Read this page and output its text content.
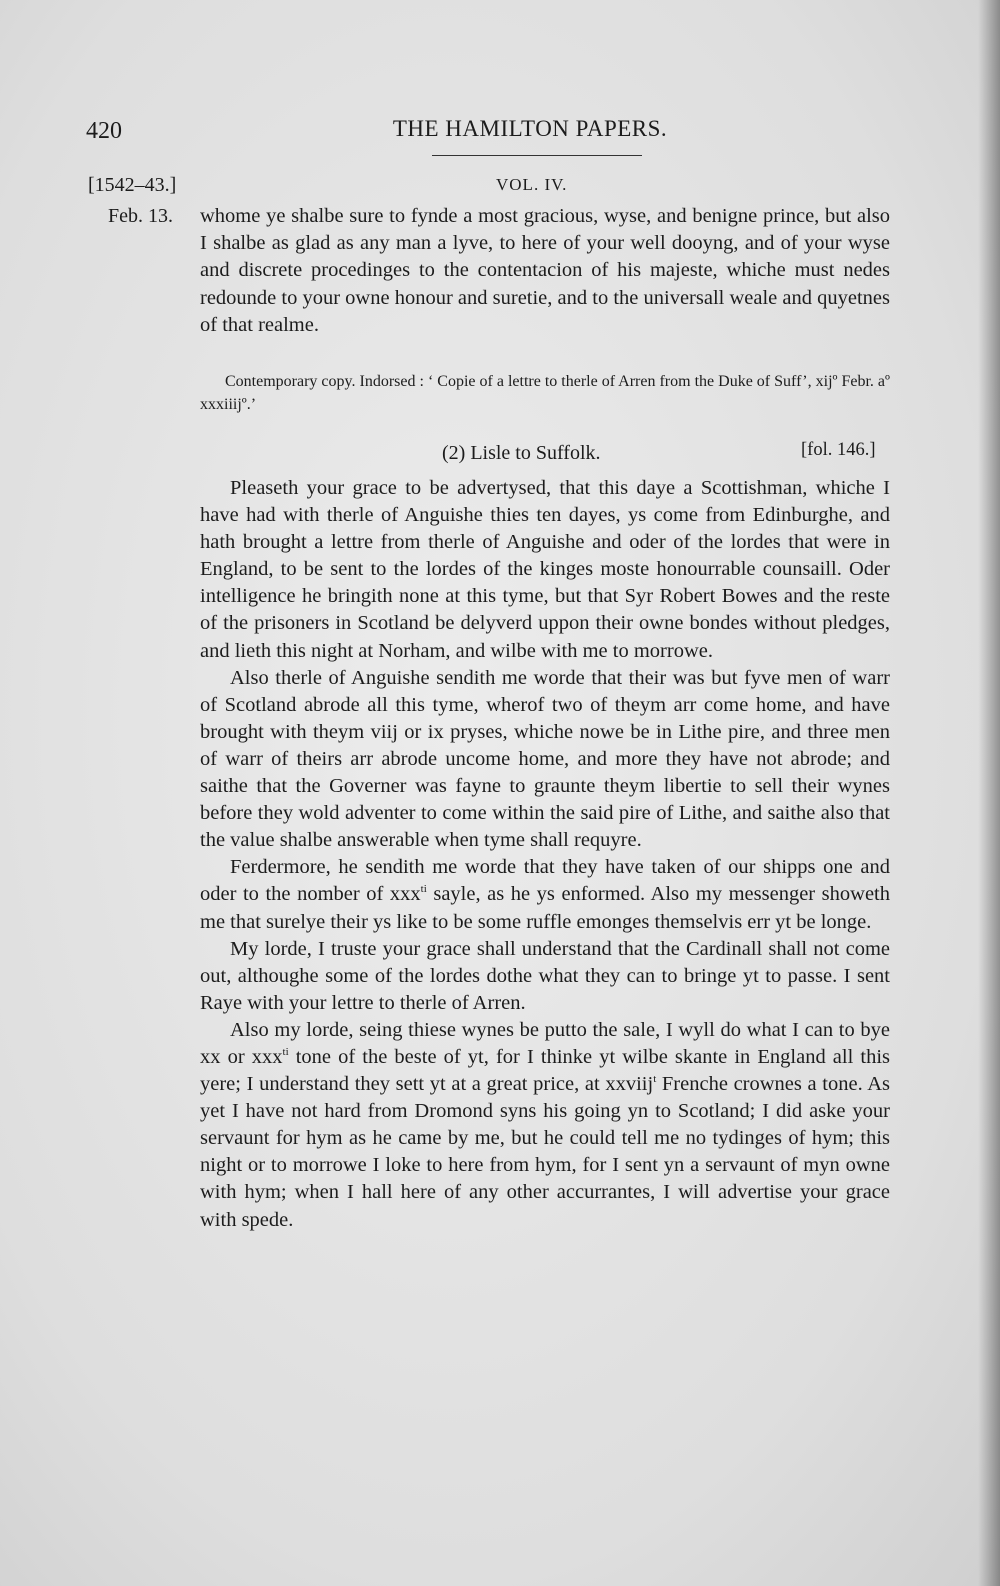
420	THE HAMILTON PAPERS.
[1542–43.]	VOL. IV.
Feb. 13. whome ye shalbe sure to fynde a most gracious, wyse, and benigne prince, but also I shalbe as glad as any man a lyve, to here of your well dooyng, and of your wyse and discrete procedinges to the contentacion of his majeste, whiche must nedes redounde to your owne honour and suretie, and to the universall weale and quyetnes of that realme.

Contemporary copy. Indorsed : ‘ Copie of a lettre to therle of Arren from the Duke of Suff’, xijº Febr. aº xxxiiijº.’
(2) Lisle to Suffolk.	[fol. 146.]

Pleaseth your grace to be advertysed, that this daye a Scottishman, whiche I have had with therle of Anguishe thies ten dayes, ys come from Edinburghe, and hath brought a lettre from therle of Anguishe and oder of the lordes that were in England, to be sent to the lordes of the kinges moste honourrable counsaill. Oder intelligence he bringith none at this tyme, but that Syr Robert Bowes and the reste of the prisoners in Scotland be delyverd uppon their owne bondes without pledges, and lieth this night at Norham, and wilbe with me to morrowe.

Also therle of Anguishe sendith me worde that their was but fyve men of warr of Scotland abrode all this tyme, wherof two of theym arr come home, and have brought with theym viij or ix pryses, whiche nowe be in Lithe pire, and three men of warr of theirs arr abrode uncome home, and more they have not abrode; and saithe that the Governer was fayne to graunte theym libertie to sell their wynes before they wold adventer to come within the said pire of Lithe, and saithe also that the value shalbe answerable when tyme shall requyre.

Ferdermore, he sendith me worde that they have taken of our shipps one and oder to the nomber of xxx$^{ti}$ sayle, as he ys enformed. Also my messenger showeth me that surelye their ys like to be some ruffle emonges themselvis err yt be longe.

My lorde, I truste your grace shall understand that the Cardinall shall not come out, althoughe some of the lordes dothe what they can to bringe yt to passe. I sent Raye with your lettre to therle of Arren.

Also my lorde, seing thiese wynes be putto the sale, I wyll do what I can to bye xx or xxx$^{ti}$ tone of the beste of yt, for I thinke yt wilbe skante in England all this yere; I understand they sett yt at a great price, at xxviij$^t$ Frenche crownes a tone. As yet I have not hard from Dromond syns his going yn to Scotland; I did aske your servaunt for hym as he came by me, but he could tell me no tydinges of hym; this night or to morrowe I loke to here from hym, for I sent yn a servaunt of myn owne with hym; when I hall here of any other accurrantes, I will advertise your grace with spede.
